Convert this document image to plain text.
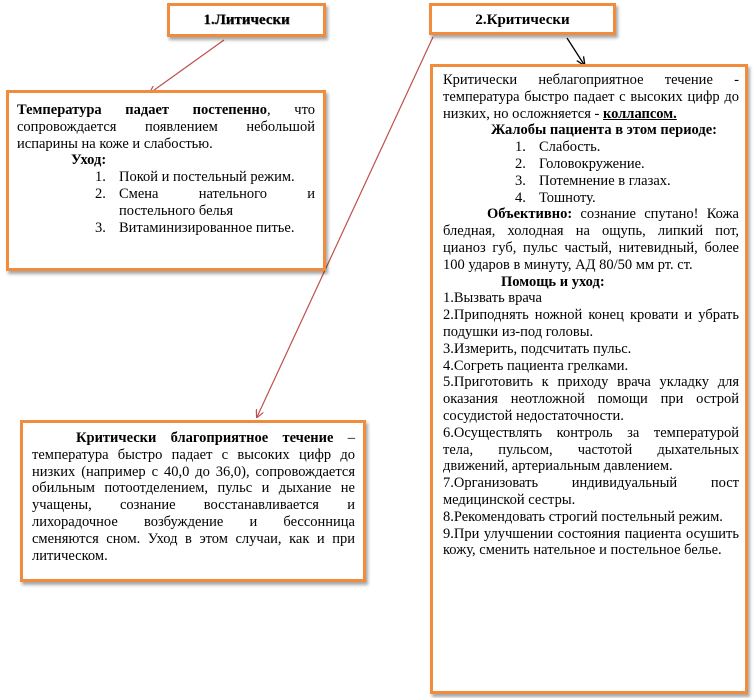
1.Литически	2.Критически

Температура падает постепенно, что сопровождается появлением небольшой испарины на коже и слабостью.

Уход:
1. Покой и постельный режим.
2. Смена нательного и постельного белья
3. Витаминизированное питье.

Критически неблагоприятное течение - температура быстро падает с высоких цифр до низких, но осложняется - коллапсом.

Жалобы пациента в этом периоде:
1. Слабость.
2. Головокружение.
3. Потемнение в глазах.
4. Тошноту.

Объективно: сознание спутано! Кожа бледная, холодная на ощупь, липкий пот, цианоз губ, пульс частый, нитевидный, более 100 ударов в минуту, АД 80/50 мм рт. ст.

Помощь и уход:

1.Вызвать врача

2.Приподнять ножной конец кровати и убрать подушки из-под головы.

3.Измерить, подсчитать пульс.

4.Согреть пациента грелками.

5.Приготовить к приходу врача укладку для оказания неотложной помощи при острой сосудистой недостаточности.

6.Осуществлять контроль за температурой тела, пульсом, частотой дыхательных движений, артериальным давлением.

7.Организовать индивидуальный пост медицинской сестры.

8.Рекомендовать строгий постельный режим.

9.При улучшении состояния пациента осушить кожу, сменить нательное и постельное белье.

Критически благоприятное течение – температура быстро падает с высоких цифр до низких (например с 40,0 до 36,0), сопровождается обильным потоотделением, пульс и дыхание не учащены, сознание восстанавливается и лихорадочное возбуждение и бессонница сменяются сном. Уход в этом случаи, как и при литическом.
